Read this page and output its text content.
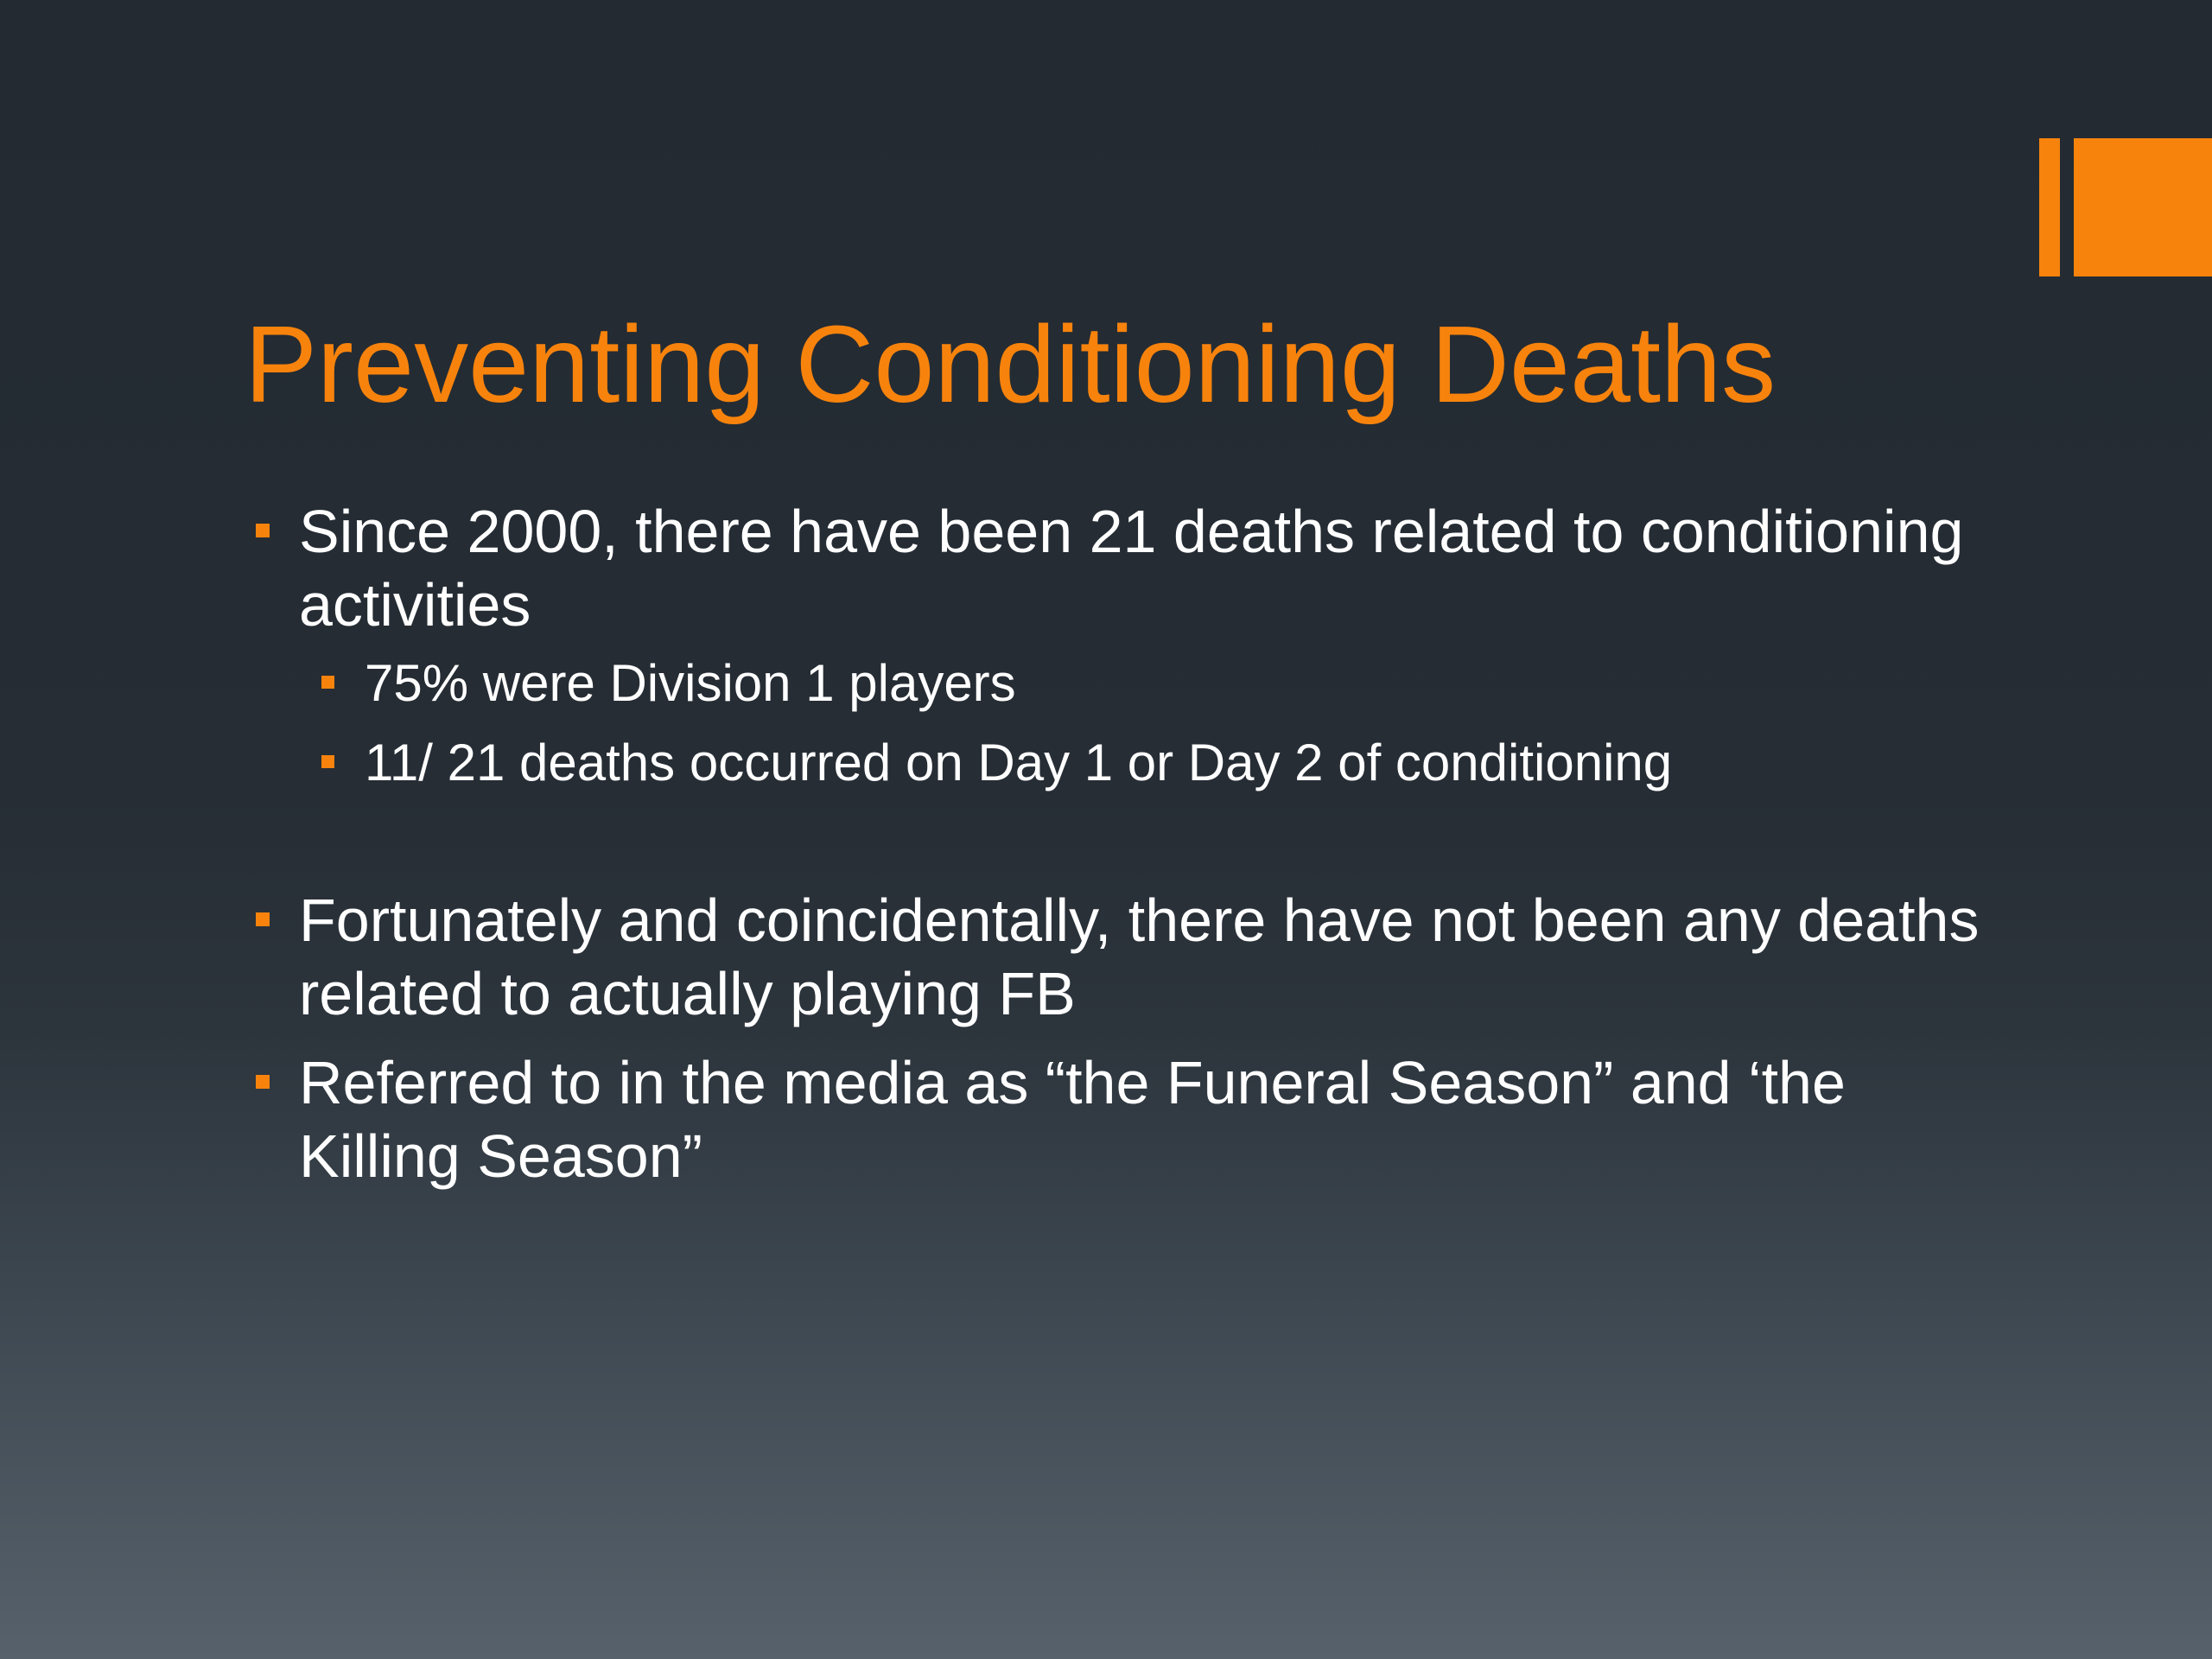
Preventing Conditioning Deaths
Since 2000, there have been 21 deaths related to conditioning activities
75% were Division 1 players
11/ 21 deaths occurred on Day 1 or Day 2 of conditioning
Fortunately and coincidentally, there have not been any deaths related to actually playing FB
Referred to in the media as “the Funeral Season” and ‘the Killing Season”
